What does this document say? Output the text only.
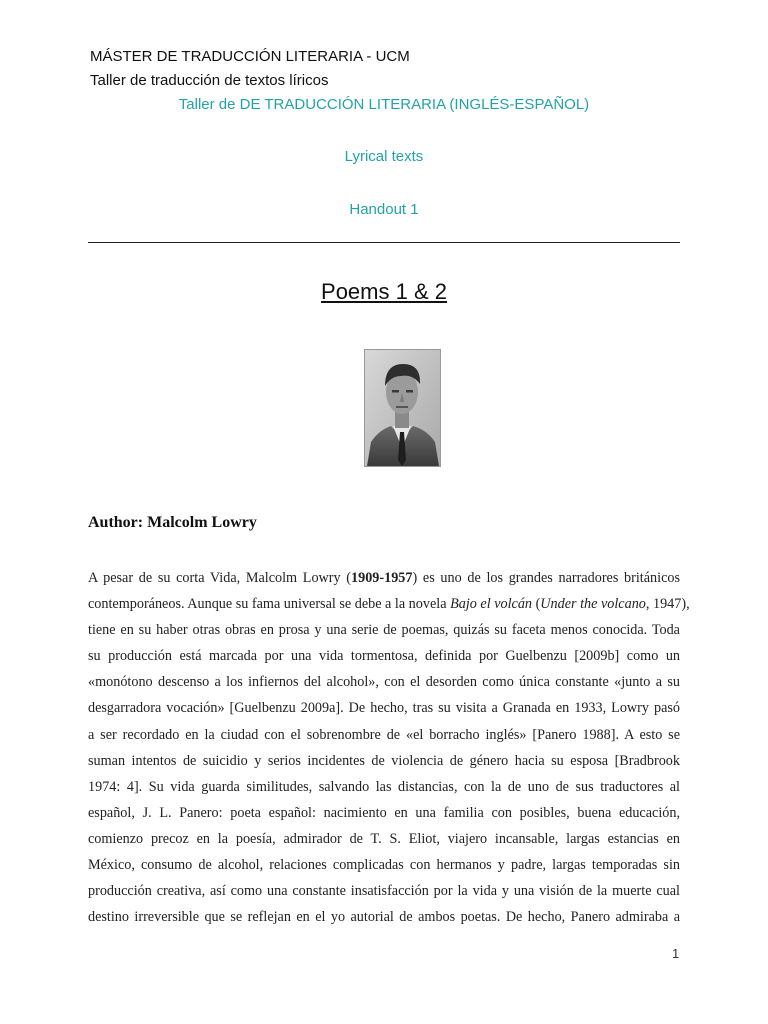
MÁSTER DE TRADUCCIÓN LITERARIA - UCM
Taller de traducción de textos líricos
Taller de DE TRADUCCIÓN LITERARIA (INGLÉS-ESPAÑOL)
Lyrical texts
Handout 1
Poems 1 & 2
Author: Malcolm Lowry
A pesar de su corta Vida, Malcolm Lowry (1909-1957) es uno de los grandes narradores británicos
contemporáneos. Aunque su fama universal se debe a la novela Bajo el volcán (Under the volcano, 1947),
tiene en su haber otras obras en prosa y una serie de poemas, quizás su faceta menos conocida. Toda
su producción está marcada por una vida tormentosa, definida por Guelbenzu [2009b] como un
«monótono descenso a los infiernos del alcohol», con el desorden como única constante «junto a su
desgarradora vocación» [Guelbenzu 2009a]. De hecho, tras su visita a Granada en 1933, Lowry pasó
a ser recordado en la ciudad con el sobrenombre de «el borracho inglés» [Panero 1988]. A esto se
suman intentos de suicidio y serios incidentes de violencia de género hacia su esposa [Bradbrook
1974: 4]. Su vida guarda similitudes, salvando las distancias, con la de uno de sus traductores al
español, J. L. Panero: poeta español: nacimiento en una familia con posibles, buena educación,
comienzo precoz en la poesía, admirador de T. S. Eliot, viajero incansable, largas estancias en
México, consumo de alcohol, relaciones complicadas con hermanos y padre, largas temporadas sin
producción creativa, así como una constante insatisfacción por la vida y una visión de la muerte cual
destino irreversible que se reflejan en el yo autorial de ambos poetas. De hecho, Panero admiraba a
1
